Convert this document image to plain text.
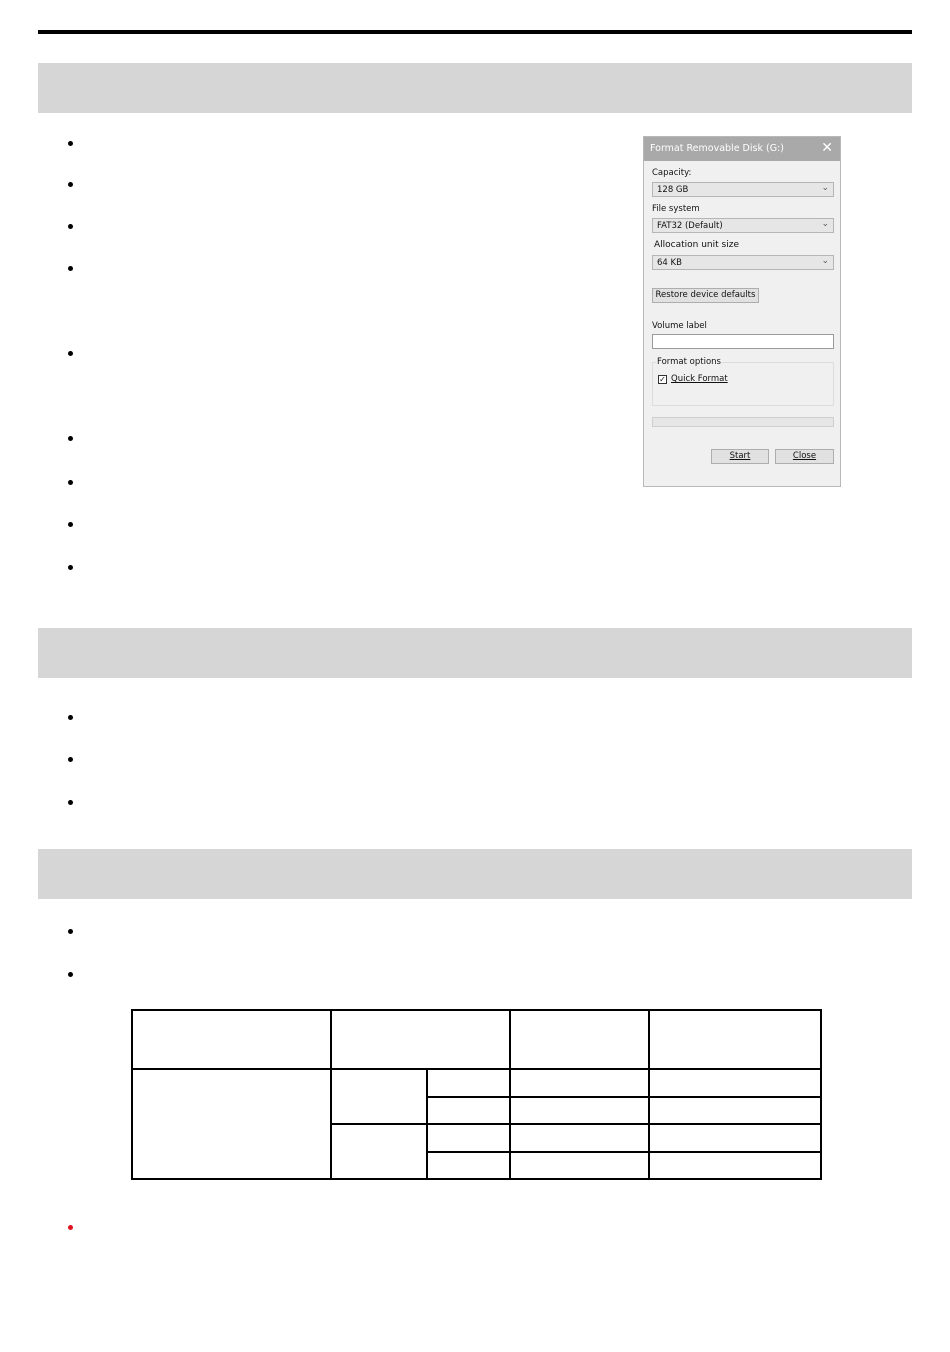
Format Removable Disk (G:)	✕
Capacity:
128 GB	⌄
File system
FAT32 (Default)	⌄
Allocation unit size
64 KB	⌄
Restore device defaults
Volume label
Format options
✓ Quick Format
Start	Close
